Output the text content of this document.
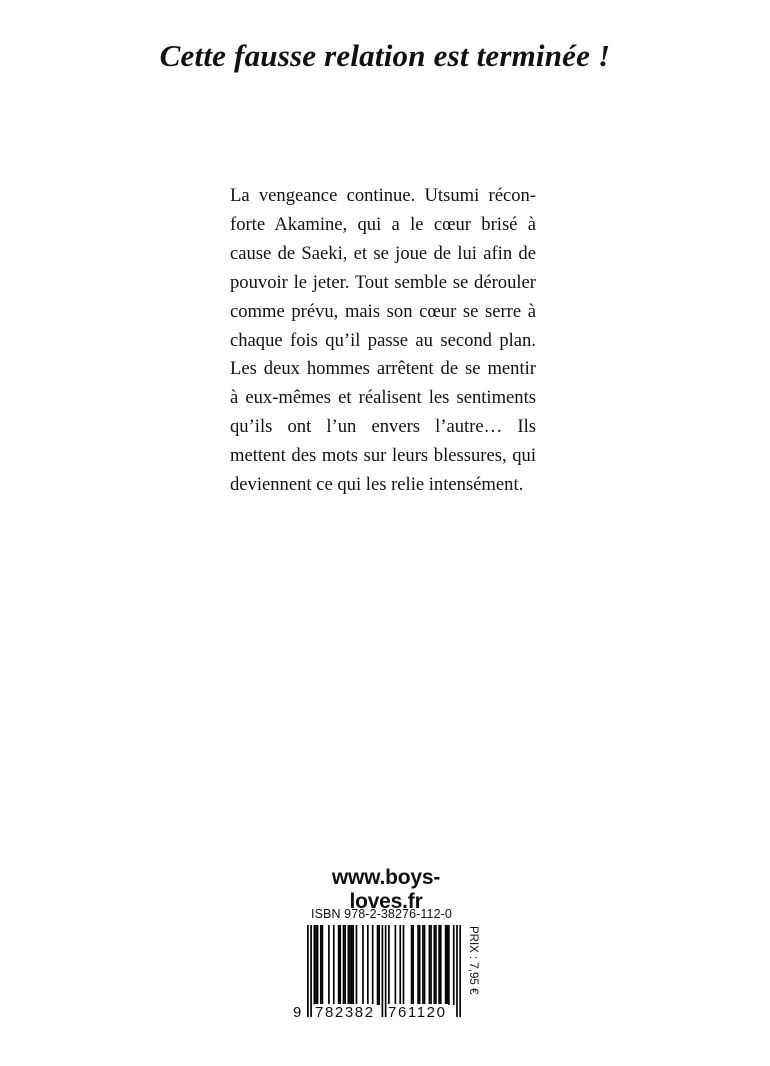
Cette fausse relation est terminée !
La vengeance continue. Utsumi récon-
forte Akamine, qui a le cœur brisé à
cause de Saeki, et se joue de lui afin de
pouvoir le jeter. Tout semble se dérouler
comme prévu, mais son cœur se serre à
chaque fois qu’il passe au second plan.
Les deux hommes arrêtent de se mentir
à eux-mêmes et réalisent les sentiments
qu’ils ont l’un envers l’autre… Ils
mettent des mots sur leurs blessures, qui
deviennent ce qui les relie intensément.
www.boys-loves.fr
ISBN 978-2-38276-112-0
9 782382 761120
PRIX : 7,95 €
